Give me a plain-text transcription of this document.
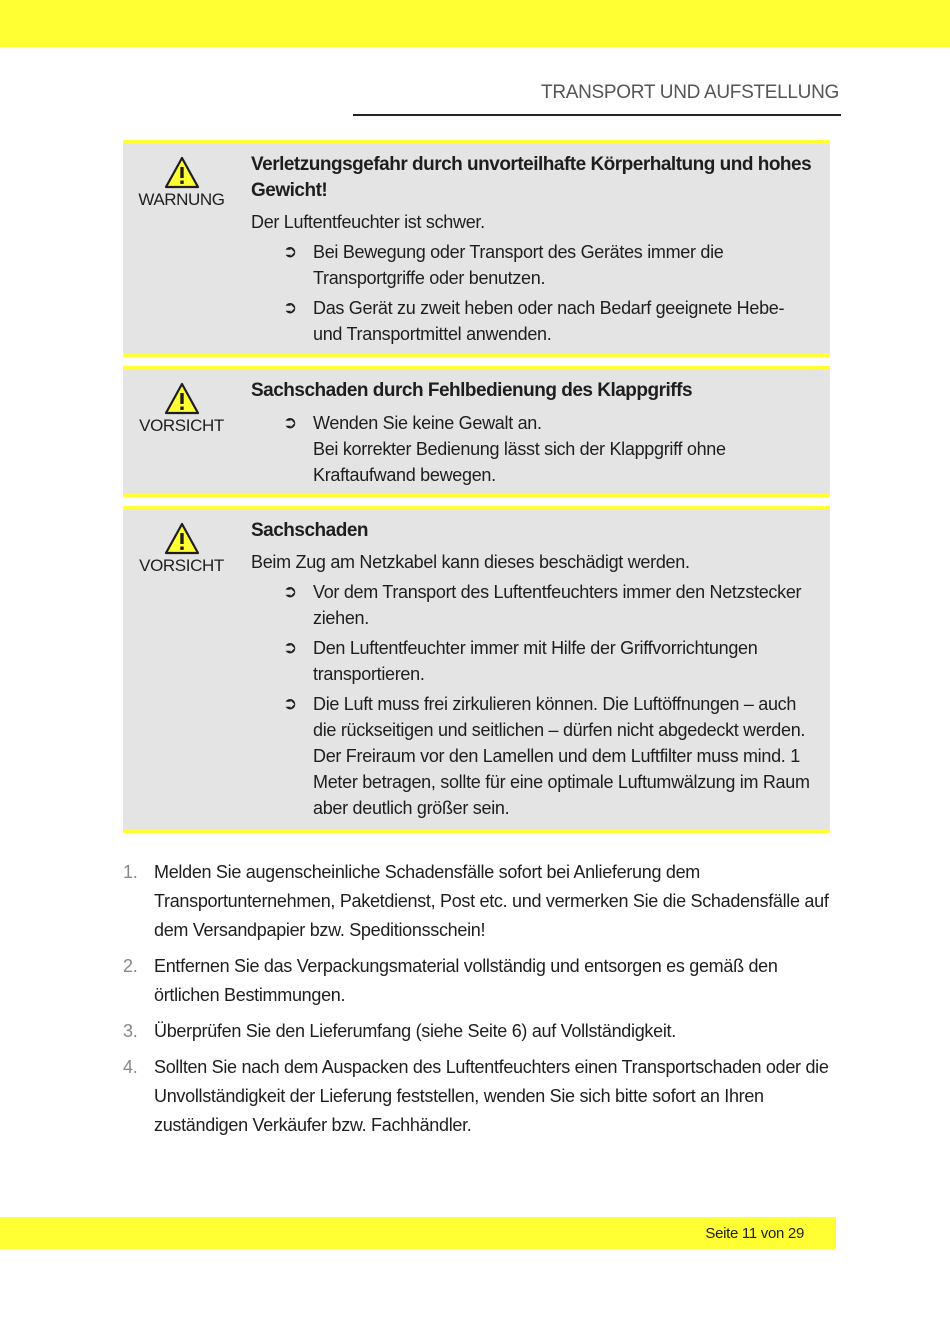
TRANSPORT UND AUFSTELLUNG
WARNUNG

Verletzungsgefahr durch unvorteilhafte Körperhaltung und hohes Gewicht!

Der Luftentfeuchter ist schwer.

➲ Bei Bewegung oder Transport des Gerätes immer die Transportgriffe oder benutzen.
➲ Das Gerät zu zweit heben oder nach Bedarf geeignete Hebe- und Transportmittel anwenden.
VORSICHT

Sachschaden durch Fehlbedienung des Klappgriffs

➲ Wenden Sie keine Gewalt an.
Bei korrekter Bedienung lässt sich der Klappgriff ohne Kraftaufwand bewegen.
VORSICHT

Sachschaden

Beim Zug am Netzkabel kann dieses beschädigt werden.

➲ Vor dem Transport des Luftentfeuchters immer den Netzstecker ziehen.
➲ Den Luftentfeuchter immer mit Hilfe der Griffvorrichtungen transportieren.
➲ Die Luft muss frei zirkulieren können. Die Luftöffnungen – auch die rückseitigen und seitlichen – dürfen nicht abgedeckt werden. Der Freiraum vor den Lamellen und dem Luftfilter muss mind. 1 Meter betragen, sollte für eine optimale Luftumwälzung im Raum aber deutlich größer sein.
1. Melden Sie augenscheinliche Schadensfälle sofort bei Anlieferung dem Transportunternehmen, Paketdienst, Post etc. und vermerken Sie die Schadensfälle auf dem Versandpapier bzw. Speditionsschein!
2. Entfernen Sie das Verpackungsmaterial vollständig und entsorgen es gemäß den örtlichen Bestimmungen.
3. Überprüfen Sie den Lieferumfang (siehe Seite 6) auf Vollständigkeit.
4. Sollten Sie nach dem Auspacken des Luftentfeuchters einen Transportschaden oder die Unvollständigkeit der Lieferung feststellen, wenden Sie sich bitte sofort an Ihren zuständigen Verkäufer bzw. Fachhändler.
Seite 11 von 29
